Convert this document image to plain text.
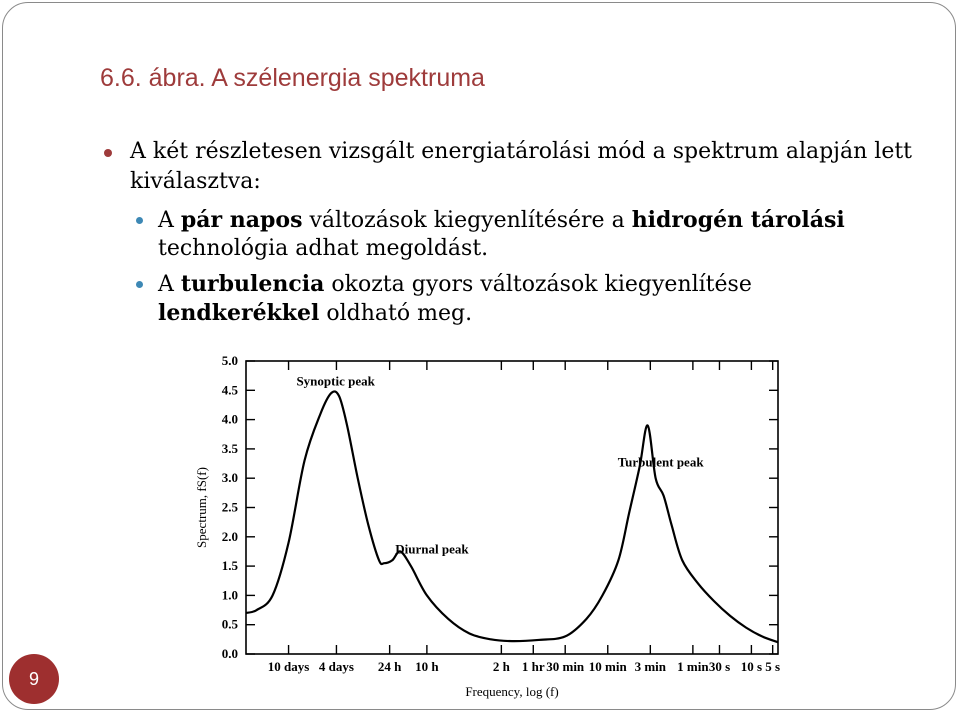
6.6. ábra. A szélenergia spektruma
A két részletesen vizsgált energiatárolási mód a spektrum alapján lett kiválasztva:
A pár napos változások kiegyenlítésére a hidrogén tárolási technológia adhat megoldást.
A turbulencia okozta gyors változások kiegyenlítése lendkerékkel oldható meg.
0.0
0.5
1.0
1.5
2.0
2.5
3.0
3.5
4.0
4.5
5.0
10 days 4 days 24 h 10 h	2 h 1 hr 30 min 10 min 3 min 1 min 30 s 10 s 5 s
Synoptic peak
Diurnal peak
Turbulent peak
Spectrum, fS(f)
Frequency, log (f)
9
